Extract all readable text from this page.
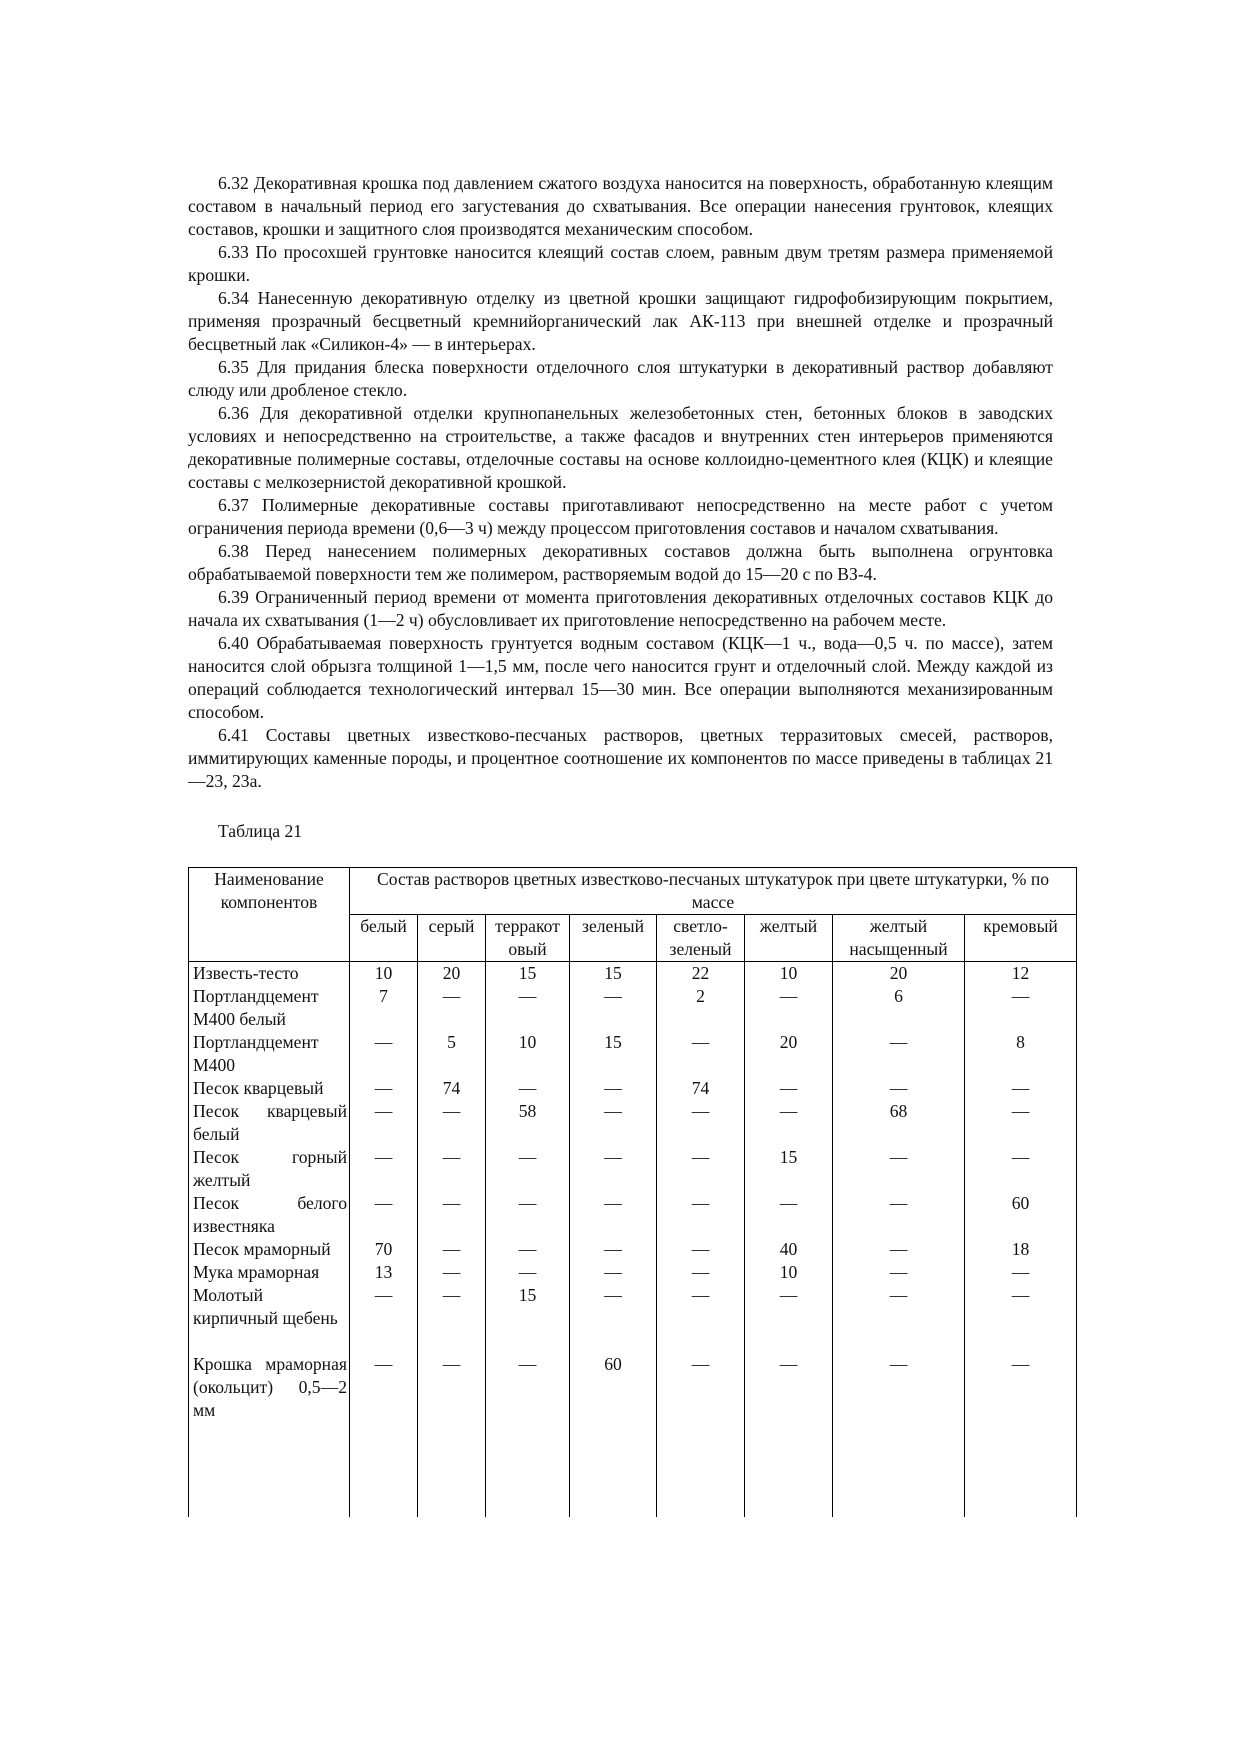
6.32 Декоративная крошка под давлением сжатого воздуха наносится на поверхность, обработанную клеящим составом в начальный период его загустевания до схватывания. Все операции нанесения грунтовок, клеящих составов, крошки и защитного слоя производятся механическим способом.

6.33 По просохшей грунтовке наносится клеящий состав слоем, равным двум третям размера применяемой крошки.

6.34 Нанесенную декоративную отделку из цветной крошки защищают гидрофобизирующим покрытием, применяя прозрачный бесцветный кремнийорганический лак АК-113 при внешней отделке и прозрачный бесцветный лак «Силикон-4» — в интерьерах.

6.35 Для придания блеска поверхности отделочного слоя штукатурки в декоративный раствор добавляют слюду или дробленое стекло.

6.36 Для декоративной отделки крупнопанельных железобетонных стен, бетонных блоков в заводских условиях и непосредственно на строительстве, а также фасадов и внутренних стен интерьеров применяются декоративные полимерные составы, отделочные составы на основе коллоидно-цементного клея (КЦК) и клеящие составы с мелкозернистой декоративной крошкой.

6.37 Полимерные декоративные составы приготавливают непосредственно на месте работ с учетом ограничения периода времени (0,6—3 ч) между процессом приготовления составов и началом схватывания.

6.38 Перед нанесением полимерных декоративных составов должна быть выполнена огрунтовка обрабатываемой поверхности тем же полимером, растворяемым водой до 15—20 с по ВЗ-4.

6.39 Ограниченный период времени от момента приготовления декоративных отделочных составов КЦК до начала их схватывания (1—2 ч) обусловливает их приготовление непосредственно на рабочем месте.

6.40 Обрабатываемая поверхность грунтуется водным составом (КЦК—1 ч., вода—0,5 ч. по массе), затем наносится слой обрызга толщиной 1—1,5 мм, после чего наносится грунт и отделочный слой. Между каждой из операций соблюдается технологический интервал 15—30 мин. Все операции выполняются механизированным способом.

6.41 Составы цветных известково-песчаных растворов, цветных терразитовых смесей, растворов, иммитирующих каменные породы, и процентное соотношение их компонентов по массе приведены в таблицах 21—23, 23а.

Таблица 21
Наименование компонентов	Состав растворов цветных известково-песчаных штукатурок при цвете штукатурки, % по массе							
	белый	серый	терракот овый	зеленый	светло-зеленый	желтый	желтый насыщенный	кремовый
Известь-тесто	10	20	15	15	22	10	20	12
Портландцемент М400 белый	7	—	—	—	2	—	6	—
Портландцемент М400	—	5	10	15	—	20	—	8
Песок кварцевый	—	74	—	—	74	—	—	—
Песок кварцевый белый	—	—	58	—	—	—	68	—
Песок горный желтый	—	—	—	—	—	15	—	—
Песок белого известняка	—	—	—	—	—	—	—	60
Песок мраморный	70	—	—	—	—	40	—	18
Мука мраморная	13	—	—	—	—	10	—	—
Молотый кирпичный щебень	—	—	15	—	—	—	—	—

Крошка мраморная (окольцит) 0,5—2 мм	—	—	—	60	—	—	—	—
